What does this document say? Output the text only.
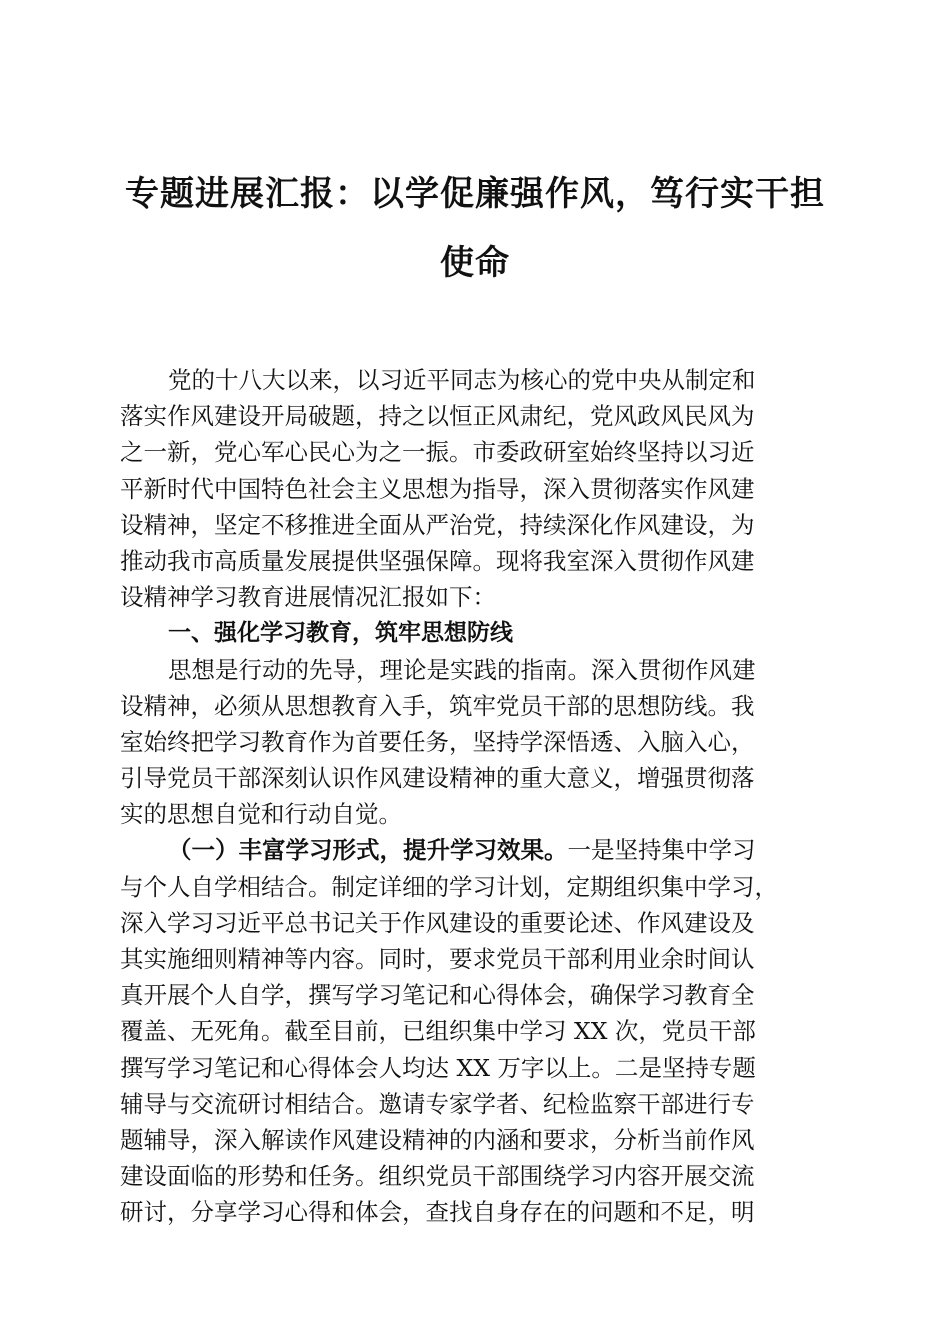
专题进展汇报：以学促廉强作风，笃行实干担
使命
党的十八大以来，以习近平同志为核心的党中央从制定和
落实作风建设开局破题，持之以恒正风肃纪，党风政风民风为
之一新，党心军心民心为之一振。市委政研室始终坚持以习近
平新时代中国特色社会主义思想为指导，深入贯彻落实作风建
设精神，坚定不移推进全面从严治党，持续深化作风建设，为
推动我市高质量发展提供坚强保障。现将我室深入贯彻作风建
设精神学习教育进展情况汇报如下：
一、强化学习教育，筑牢思想防线
思想是行动的先导，理论是实践的指南。深入贯彻作风建
设精神，必须从思想教育入手，筑牢党员干部的思想防线。我
室始终把学习教育作为首要任务，坚持学深悟透、入脑入心，
引导党员干部深刻认识作风建设精神的重大意义，增强贯彻落
实的思想自觉和行动自觉。
（一）丰富学习形式，提升学习效果。一是坚持集中学习
与个人自学相结合。制定详细的学习计划，定期组织集中学习，
深入学习习近平总书记关于作风建设的重要论述、作风建设及
其实施细则精神等内容。同时，要求党员干部利用业余时间认
真开展个人自学，撰写学习笔记和心得体会，确保学习教育全
覆盖、无死角。截至目前，已组织集中学习 XX 次，党员干部
撰写学习笔记和心得体会人均达 XX 万字以上。二是坚持专题
辅导与交流研讨相结合。邀请专家学者、纪检监察干部进行专
题辅导，深入解读作风建设精神的内涵和要求，分析当前作风
建设面临的形势和任务。组织党员干部围绕学习内容开展交流
研讨，分享学习心得和体会，查找自身存在的问题和不足，明
